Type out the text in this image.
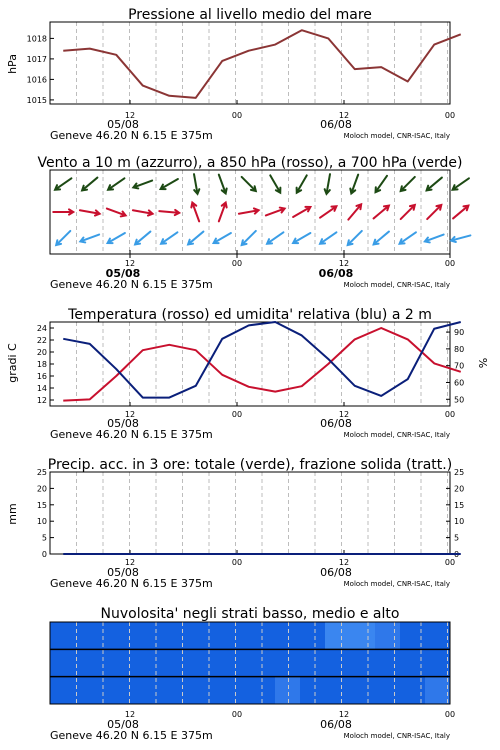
Pressione al livello medio del mare
hPa
1015
1016
1017
1018
12	00	12	00
05/08	06/08
Geneve 46.20 N 6.15 E 375m	Moloch model, CNR-ISAC, Italy
Vento a 10 m (azzurro), a 850 hPa (rosso), a 700 hPa (verde)
12	00	12	00
05/08	06/08
Geneve 46.20 N 6.15 E 375m	Moloch model, CNR-ISAC, Italy
Temperatura (rosso) ed umidita' relativa (blu) a 2 m
gradi C	%
12
14
16
18
20
22
24
50
60
70
80
90
12	00	12	00
05/08	06/08
Geneve 46.20 N 6.15 E 375m	Moloch model, CNR-ISAC, Italy
Precip. acc. in 3 ore: totale (verde), frazione solida (tratt.)
mm
0
5
10
15
20
25
0
5
10
15
20
25
12	00	12	00
05/08	06/08
Geneve 46.20 N 6.15 E 375m	Moloch model, CNR-ISAC, Italy
Nuvolosita' negli strati basso, medio e alto
12	00	12	00
05/08	06/08
Geneve 46.20 N 6.15 E 375m	Moloch model, CNR-ISAC, Italy
